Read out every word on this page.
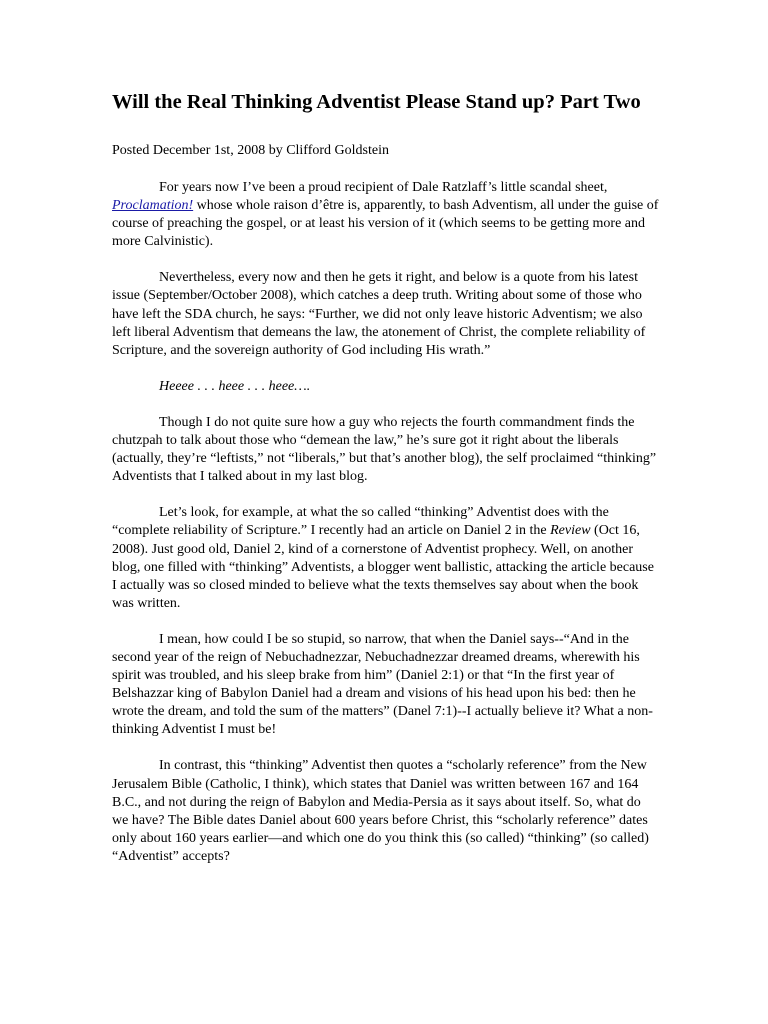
Will the Real Thinking Adventist Please Stand up? Part Two

Posted December 1st, 2008 by Clifford Goldstein

For years now I’ve been a proud recipient of Dale Ratzlaff’s little scandal sheet, Proclamation! whose whole raison d’être is, apparently, to bash Adventism, all under the guise of course of preaching the gospel, or at least his version of it (which seems to be getting more and more Calvinistic).

Nevertheless, every now and then he gets it right, and below is a quote from his latest issue (September/October 2008), which catches a deep truth. Writing about some of those who have left the SDA church, he says: “Further, we did not only leave historic Adventism; we also left liberal Adventism that demeans the law, the atonement of Christ, the complete reliability of Scripture, and the sovereign authority of God including His wrath.”

Heeee . . . heee . . . heee….

Though I do not quite sure how a guy who rejects the fourth commandment finds the chutzpah to talk about those who “demean the law,” he’s sure got it right about the liberals (actually, they’re “leftists,” not “liberals,” but that’s another blog), the self proclaimed “thinking” Adventists that I talked about in my last blog.

Let’s look, for example, at what the so called “thinking” Adventist does with the “complete reliability of Scripture.” I recently had an article on Daniel 2 in the Review (Oct 16, 2008). Just good old, Daniel 2, kind of a cornerstone of Adventist prophecy. Well, on another blog, one filled with “thinking” Adventists, a blogger went ballistic, attacking the article because I actually was so closed minded to believe what the texts themselves say about when the book was written.

I mean, how could I be so stupid, so narrow, that when the Daniel says--“And in the second year of the reign of Nebuchadnezzar, Nebuchadnezzar dreamed dreams, wherewith his spirit was troubled, and his sleep brake from him” (Daniel 2:1) or that “In the first year of Belshazzar king of Babylon Daniel had a dream and visions of his head upon his bed: then he wrote the dream, and told the sum of the matters” (Danel 7:1)--I actually believe it? What a non-thinking Adventist I must be!

In contrast, this “thinking” Adventist then quotes a “scholarly reference” from the New Jerusalem Bible (Catholic, I think), which states that Daniel was written between 167 and 164 B.C., and not during the reign of Babylon and Media-Persia as it says about itself. So, what do we have? The Bible dates Daniel about 600 years before Christ, this “scholarly reference” dates only about 160 years earlier—and which one do you think this (so called) “thinking” (so called) “Adventist” accepts?
